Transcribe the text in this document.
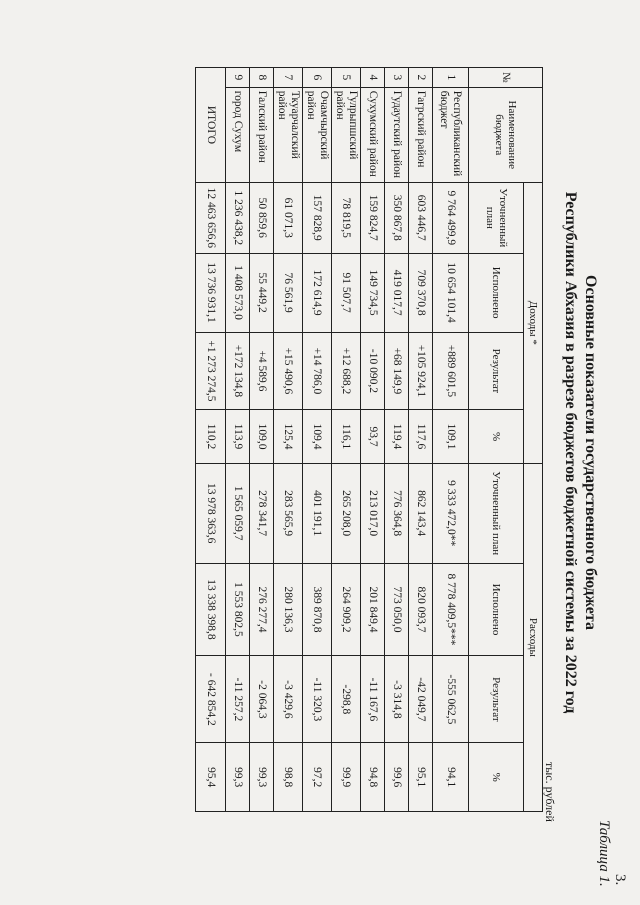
3.
Таблица 1.
Основные показатели государственного бюджета
Республики Абхазия в разрезе бюджетов бюджетной системы за 2022 год
тыс. рублей
№	Наименование бюджета	Доходы *				Расходы			
		Уточненный план	Исполнено	Результат	%	Уточненный план	Исполнено	Результат	%
1	Республиканский бюджет	9 764 499,9	10 654 101,4	+889 601,5	109,1	9 333 472,0**	8 778 409,5***	-555 062,5	94,1
2	Гагрский район	603 446,7	709 370,8	+105 924,1	117,6	862 143,4	820 093,7	-42 049,7	95,1
3	Гудаутский район	350 867,8	419 017,7	+68 149,9	119,4	776 364,8	773 050,0	-3 314,8	99,6
4	Сухумский район	159 824,7	149 734,5	-10 090,2	93,7	213 017,0	201 849,4	-11 167,6	94,8
5	Гулрыпшский район	78 819,5	91 507,7	+12 688,2	116,1	265 208,0	264 909,2	-298,8	99,9
6	Очамчырский район	157 828,9	172 614,9	+14 786,0	109,4	401 191,1	389 870,8	-11 320,3	97,2
7	Ткуарчалский район	61 071,3	76 561,9	+15 490,6	125,4	283 565,9	280 136,3	-3 429,6	98,8
8	Галский район	50 859,6	55 449,2	+4 589,6	109,0	278 341,7	276 277,4	-2 064,3	99,3
9	город Сухум	1 236 438,2	1 408 573,0	+172 134,8	113,9	1 565 059,7	1 553 802,5	-11 257,2	99,3
ИТОГО		12 463 656,6	13 736 931,1	+1 273 274,5	110,2	13 978 363,6	13 338 398,8	- 642 854,2	95,4
